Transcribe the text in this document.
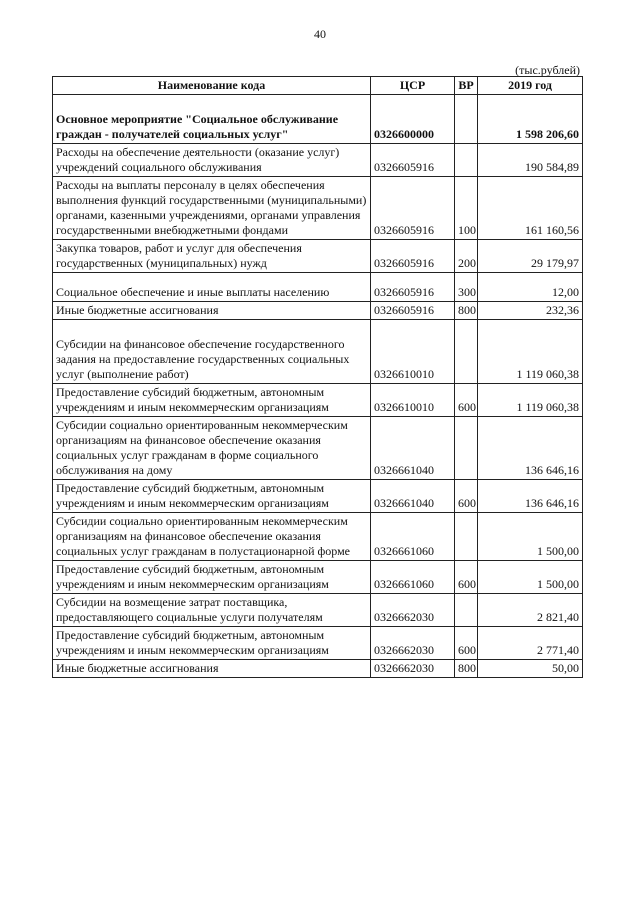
40
(тыс.рублей)
Наименование кода	ЦСР	ВР	2019 год
Основное мероприятие "Социальное обслуживание граждан - получателей социальных услуг"	0326600000		1 598 206,60
Расходы на обеспечение деятельности (оказание услуг) учреждений социального обслуживания	0326605916		190 584,89
Расходы на выплаты персоналу в целях обеспечения выполнения функций государственными (муниципальными) органами, казенными учреждениями, органами управления государственными внебюджетными фондами	0326605916	100	161 160,56
Закупка товаров, работ и услуг для обеспечения государственных (муниципальных) нужд	0326605916	200	29 179,97
Социальное обеспечение и иные выплаты населению	0326605916	300	12,00
Иные бюджетные ассигнования	0326605916	800	232,36
Субсидии на финансовое обеспечение государственного задания на предоставление государственных социальных услуг (выполнение работ)	0326610010		1 119 060,38
Предоставление субсидий бюджетным, автономным учреждениям и иным некоммерческим организациям	0326610010	600	1 119 060,38
Субсидии социально ориентированным некоммерческим организациям на финансовое обеспечение оказания социальных услуг гражданам в форме социального обслуживания на дому	0326661040		136 646,16
Предоставление субсидий бюджетным, автономным учреждениям и иным некоммерческим организациям	0326661040	600	136 646,16
Субсидии социально ориентированным некоммерческим организациям на финансовое обеспечение оказания социальных услуг гражданам в полустационарной форме	0326661060		1 500,00
Предоставление субсидий бюджетным, автономным учреждениям и иным некоммерческим организациям	0326661060	600	1 500,00
Субсидии на возмещение затрат поставщика, предоставляющего социальные услуги получателям	0326662030		2 821,40
Предоставление субсидий бюджетным, автономным учреждениям и иным некоммерческим организациям	0326662030	600	2 771,40
Иные бюджетные ассигнования	0326662030	800	50,00
